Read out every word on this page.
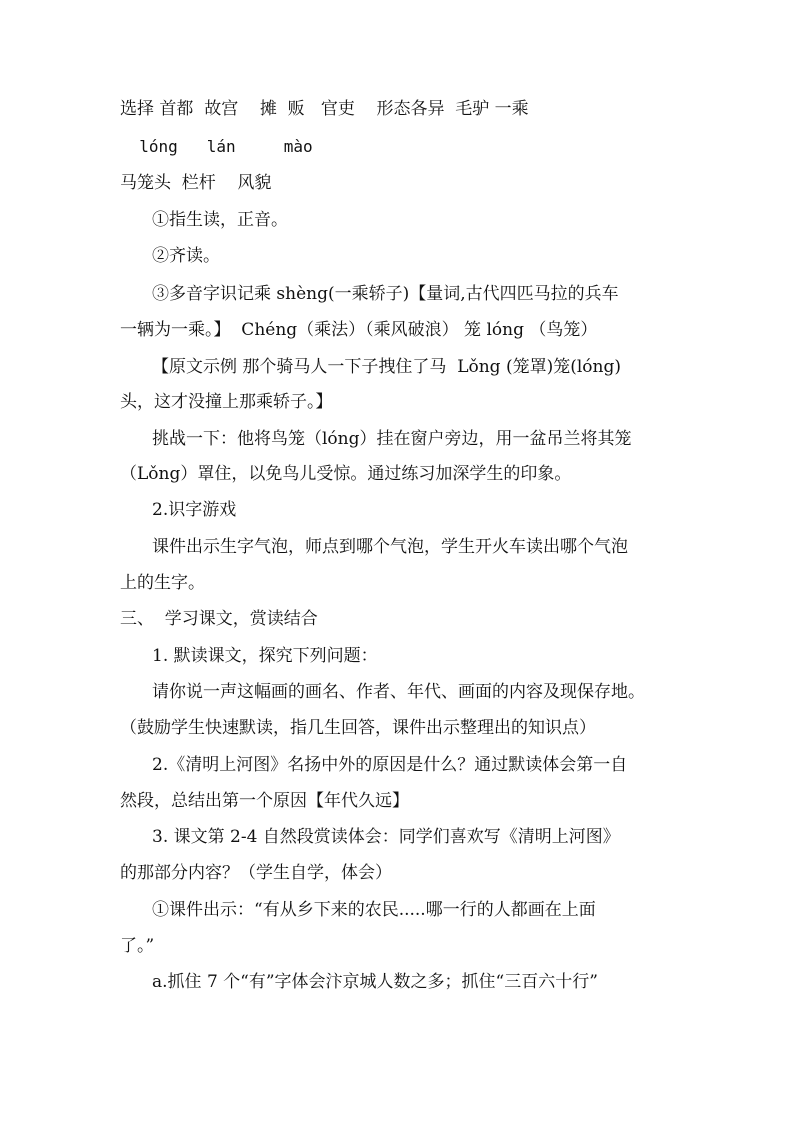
选择 首都  故宫    摊  贩   官吏    形态各异  毛驴 一乘
lóng   lán     mào
马笼头  栏杆    风貌
①指生读，正音。
②齐读。
③多音字识记乘 shèng(一乘轿子)【量词,古代四匹马拉的兵车
一辆为一乘。】  Chéng（乘法）（乘风破浪） 笼 lóng （鸟笼）
【原文示例 那个骑马人一下子拽住了马  Lǒng (笼罩)笼(lóng)
头，这才没撞上那乘轿子。】
挑战一下：他将鸟笼（lóng）挂在窗户旁边，用一盆吊兰将其笼
（Lǒng）罩住，以免鸟儿受惊。通过练习加深学生的印象。
2.识字游戏
课件出示生字气泡，师点到哪个气泡，学生开火车读出哪个气泡
上的生字。
三、  学习课文，赏读结合
1. 默读课文，探究下列问题：
请你说一声这幅画的画名、作者、年代、画面的内容及现保存地。
（鼓励学生快速默读，指几生回答，课件出示整理出的知识点）
2.《清明上河图》名扬中外的原因是什么？通过默读体会第一自
然段，总结出第一个原因【年代久远】
3. 课文第 2-4 自然段赏读体会：同学们喜欢写《清明上河图》
的那部分内容？（学生自学，体会）
①课件出示：“有从乡下来的农民.....哪一行的人都画在上面
了。”
a.抓住 7 个“有”字体会汴京城人数之多；抓住“三百六十行”
